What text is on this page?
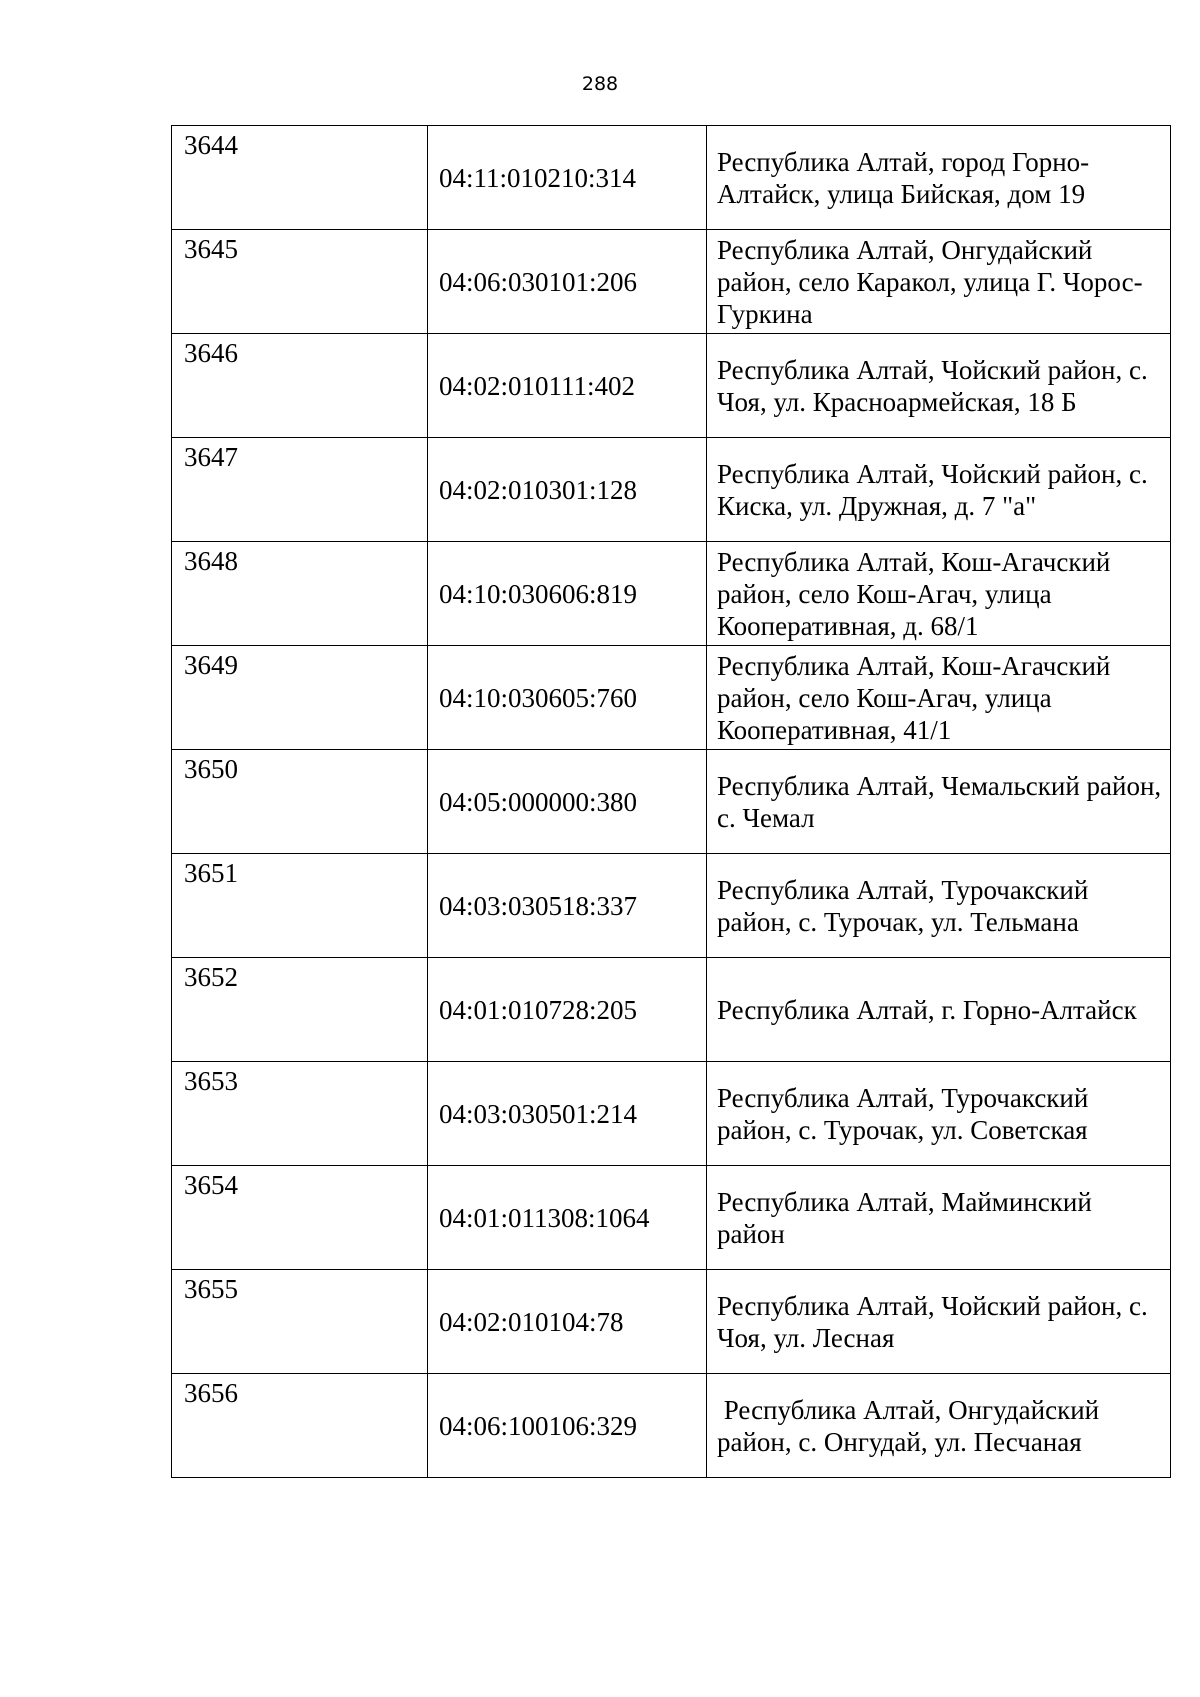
288
3644	04:11:010210:314	Республика Алтай, город Горно-Алтайск, улица Бийская, дом 19

3645	04:06:030101:206	Республика Алтай, Онгудайский район, село Каракол, улица Г. Чорос-Гуркина

3646	04:02:010111:402	Республика Алтай, Чойский район, с. Чоя, ул. Красноармейская, 18 Б

3647	04:02:010301:128	Республика Алтай, Чойский район, с. Киска, ул. Дружная, д. 7 "а"

3648	04:10:030606:819	Республика Алтай, Кош-Агачский район, село Кош-Агач, улица Кооперативная, д. 68/1

3649	04:10:030605:760	Республика Алтай, Кош-Агачский район, село Кош-Агач, улица Кооперативная, 41/1

3650	04:05:000000:380	Республика Алтай, Чемальский район, с. Чемал

3651	04:03:030518:337	Республика Алтай, Турочакский район, с. Турочак, ул. Тельмана

3652	04:01:010728:205	Республика Алтай, г. Горно-Алтайск

3653	04:03:030501:214	Республика Алтай, Турочакский район, с. Турочак, ул. Советская

3654	04:01:011308:1064	Республика Алтай, Майминский район

3655	04:02:010104:78	Республика Алтай, Чойский район, с. Чоя, ул. Лесная

3656	04:06:100106:329	Республика Алтай, Онгудайский район, с. Онгудай, ул. Песчаная
